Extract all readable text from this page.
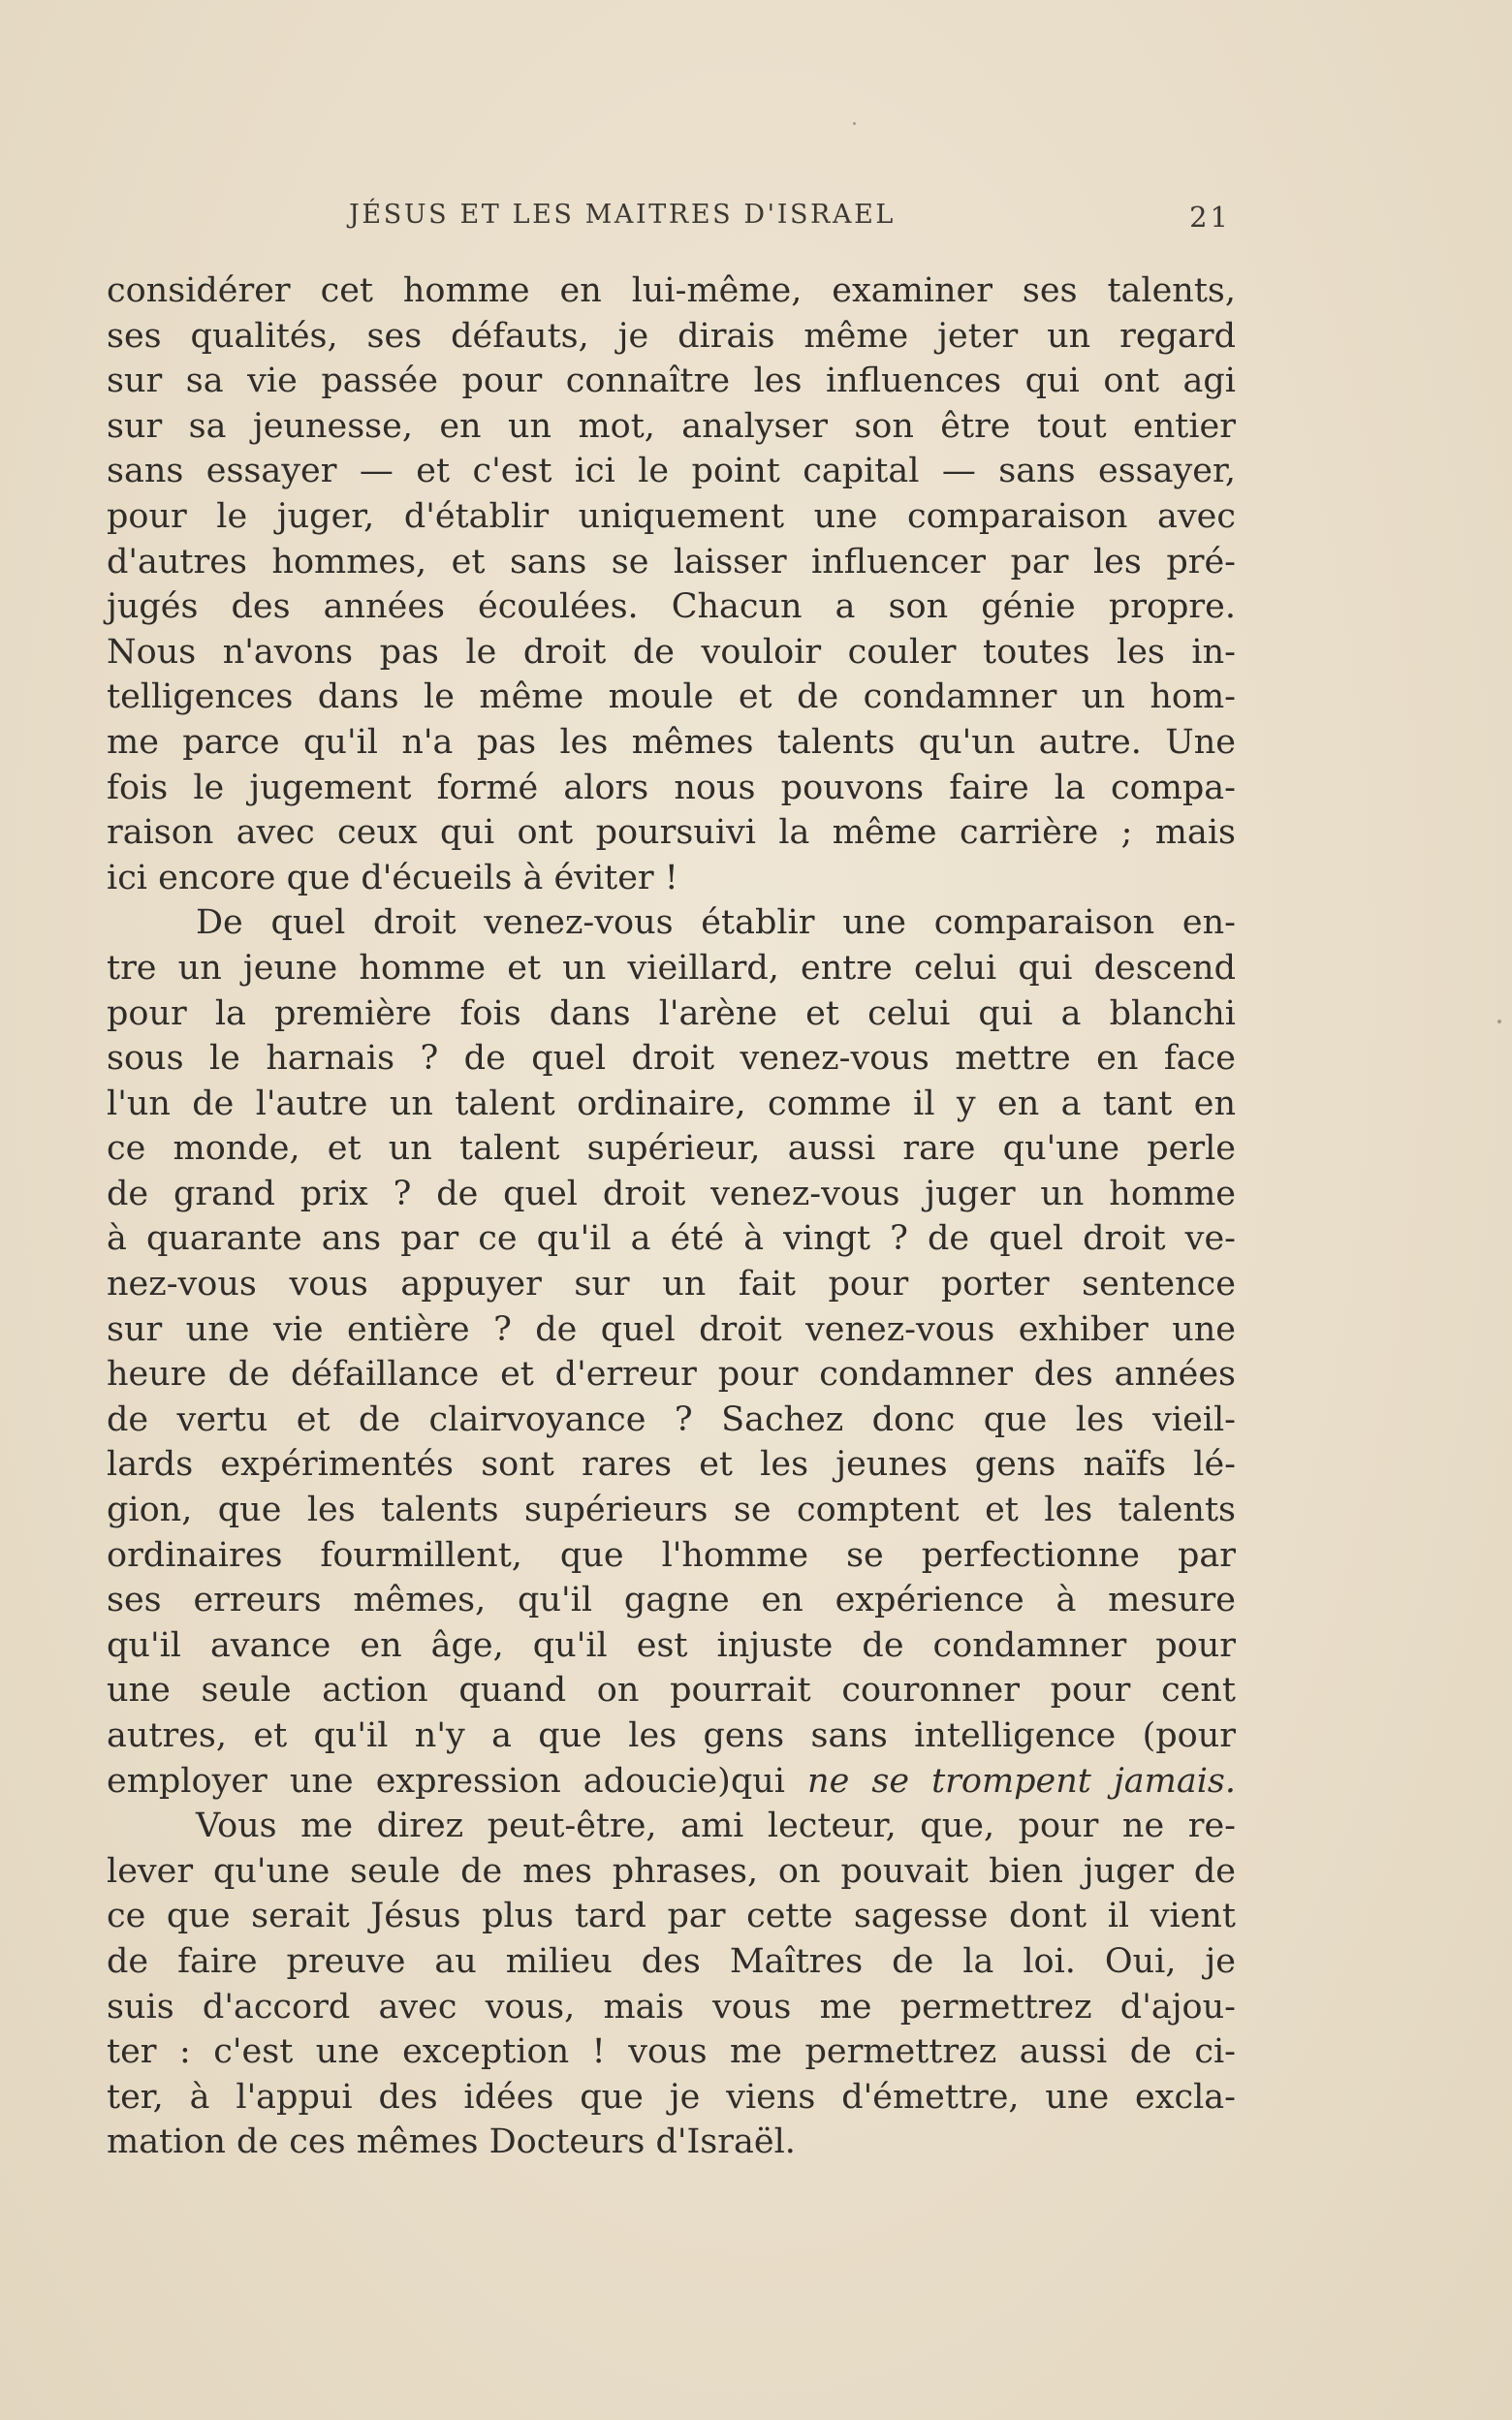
JÉSUS ET LES MAITRES D'ISRAEL	21
considérer cet homme en lui-même, examiner ses talents,
ses qualités, ses défauts, je dirais même jeter un regard
sur sa vie passée pour connaître les influences qui ont agi
sur sa jeunesse, en un mot, analyser son être tout entier
sans essayer — et c'est ici le point capital — sans essayer,
pour le juger, d'établir uniquement une comparaison avec
d'autres hommes, et sans se laisser influencer par les pré-
jugés des années écoulées. Chacun a son génie propre.
Nous n'avons pas le droit de vouloir couler toutes les in-
telligences dans le même moule et de condamner un hom-
me parce qu'il n'a pas les mêmes talents qu'un autre. Une
fois le jugement formé alors nous pouvons faire la compa-
raison avec ceux qui ont poursuivi la même carrière ; mais
ici encore que d'écueils à éviter !
De quel droit venez-vous établir une comparaison en-
tre un jeune homme et un vieillard, entre celui qui descend
pour la première fois dans l'arène et celui qui a blanchi
sous le harnais ? de quel droit venez-vous mettre en face
l'un de l'autre un talent ordinaire, comme il y en a tant en
ce monde, et un talent supérieur, aussi rare qu'une perle
de grand prix ? de quel droit venez-vous juger un homme
à quarante ans par ce qu'il a été à vingt ? de quel droit ve-
nez-vous vous appuyer sur un fait pour porter sentence
sur une vie entière ? de quel droit venez-vous exhiber une
heure de défaillance et d'erreur pour condamner des années
de vertu et de clairvoyance ? Sachez donc que les vieil-
lards expérimentés sont rares et les jeunes gens naïfs lé-
gion, que les talents supérieurs se comptent et les talents
ordinaires fourmillent, que l'homme se perfectionne par
ses erreurs mêmes, qu'il gagne en expérience à mesure
qu'il avance en âge, qu'il est injuste de condamner pour
une seule action quand on pourrait couronner pour cent
autres, et qu'il n'y a que les gens sans intelligence (pour
employer une expression adoucie)qui ne se trompent jamais.
Vous me direz peut-être, ami lecteur, que, pour ne re-
lever qu'une seule de mes phrases, on pouvait bien juger de
ce que serait Jésus plus tard par cette sagesse dont il vient
de faire preuve au milieu des Maîtres de la loi. Oui, je
suis d'accord avec vous, mais vous me permettrez d'ajou-
ter : c'est une exception ! vous me permettrez aussi de ci-
ter, à l'appui des idées que je viens d'émettre, une excla-
mation de ces mêmes Docteurs d'Israël.
